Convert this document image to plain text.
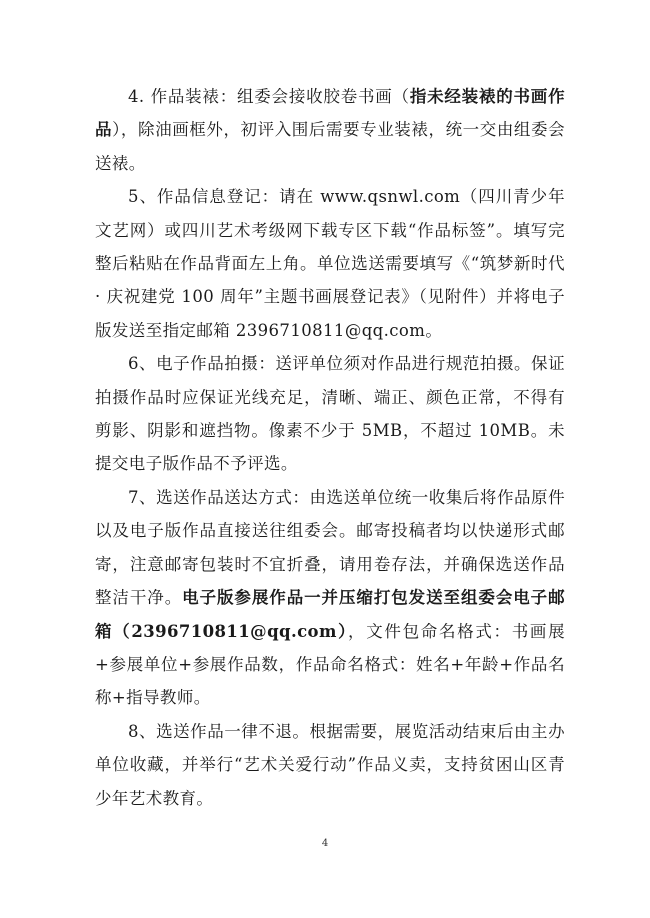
4. 作品装裱：组委会接收胶卷书画（指未经装裱的书画作品），除油画框外，初评入围后需要专业装裱，统一交由组委会送裱。

5、作品信息登记：请在 www.qsnwl.com（四川青少年文艺网）或四川艺术考级网下载专区下载“作品标签”。填写完整后粘贴在作品背面左上角。单位选送需要填写《“筑梦新时代 · 庆祝建党 100 周年”主题书画展登记表》（见附件）并将电子版发送至指定邮箱 2396710811@qq.com。

6、电子作品拍摄：送评单位须对作品进行规范拍摄。保证拍摄作品时应保证光线充足，清晰、端正、颜色正常，不得有剪影、阴影和遮挡物。像素不少于 5MB，不超过 10MB。未提交电子版作品不予评选。

7、选送作品送达方式：由选送单位统一收集后将作品原件以及电子版作品直接送往组委会。邮寄投稿者均以快递形式邮寄，注意邮寄包装时不宜折叠，请用卷存法，并确保选送作品整洁干净。电子版参展作品一并压缩打包发送至组委会电子邮箱（2396710811@qq.com），文件包命名格式：书画展+参展单位+参展作品数，作品命名格式：姓名+年龄+作品名称+指导教师。

8、选送作品一律不退。根据需要，展览活动结束后由主办单位收藏，并举行“艺术关爱行动”作品义卖，支持贫困山区青少年艺术教育。

4
